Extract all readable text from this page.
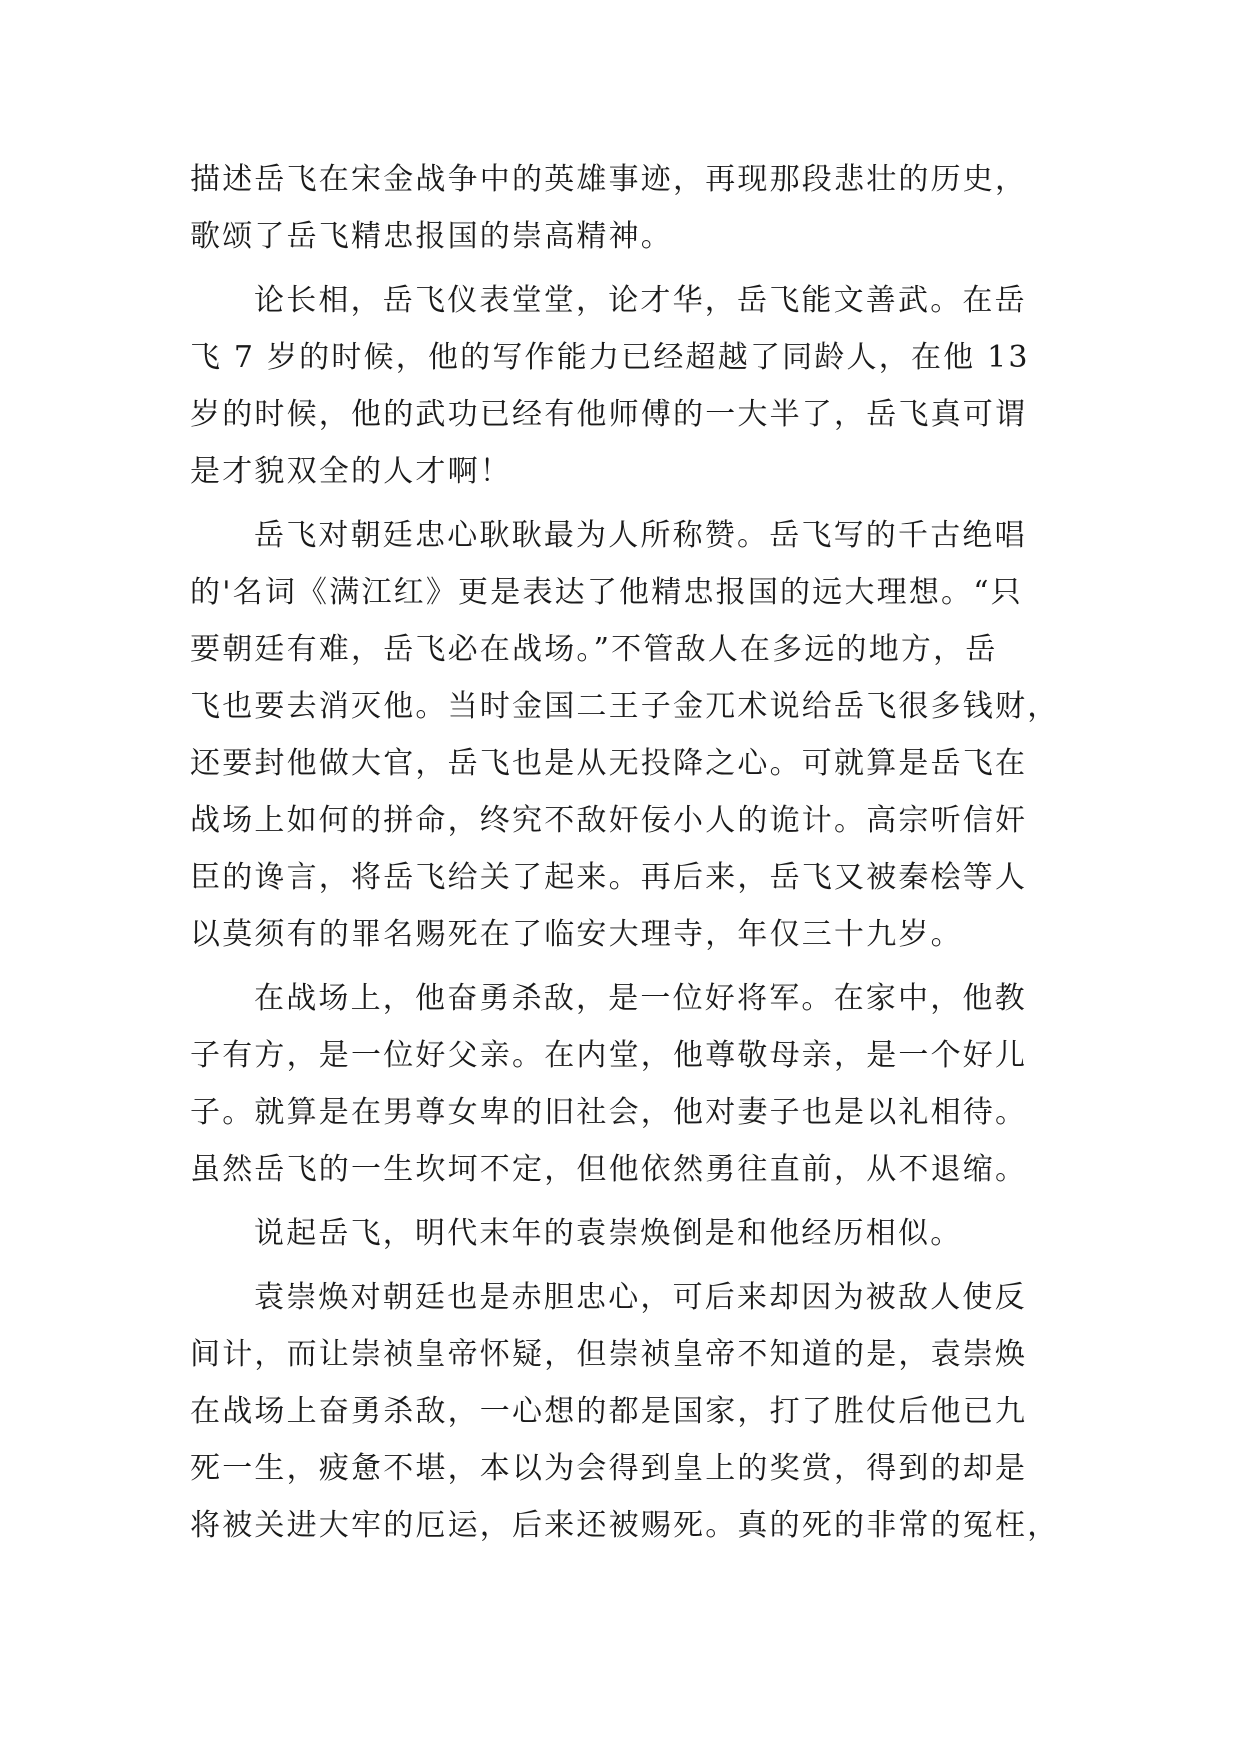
描述岳飞在宋金战争中的英雄事迹，再现那段悲壮的历史，

歌颂了岳飞精忠报国的崇高精神。

论长相，岳飞仪表堂堂，论才华，岳飞能文善武。在岳

飞 7 岁的时候，他的写作能力已经超越了同龄人，在他 13

岁的时候，他的武功已经有他师傅的一大半了，岳飞真可谓

是才貌双全的人才啊！

岳飞对朝廷忠心耿耿最为人所称赞。岳飞写的千古绝唱

的'名词《满江红》更是表达了他精忠报国的远大理想。“只

要朝廷有难，岳飞必在战场。”不管敌人在多远的地方，岳

飞也要去消灭他。当时金国二王子金兀术说给岳飞很多钱财，

还要封他做大官，岳飞也是从无投降之心。可就算是岳飞在

战场上如何的拼命，终究不敌奸佞小人的诡计。高宗听信奸

臣的谗言，将岳飞给关了起来。再后来，岳飞又被秦桧等人

以莫须有的罪名赐死在了临安大理寺，年仅三十九岁。

在战场上，他奋勇杀敌，是一位好将军。在家中，他教

子有方，是一位好父亲。在内堂，他尊敬母亲，是一个好儿

子。就算是在男尊女卑的旧社会，他对妻子也是以礼相待。

虽然岳飞的一生坎坷不定，但他依然勇往直前，从不退缩。

说起岳飞，明代末年的袁崇焕倒是和他经历相似。

袁崇焕对朝廷也是赤胆忠心，可后来却因为被敌人使反

间计，而让崇祯皇帝怀疑，但崇祯皇帝不知道的是，袁崇焕

在战场上奋勇杀敌，一心想的都是国家，打了胜仗后他已九

死一生，疲惫不堪，本以为会得到皇上的奖赏，得到的却是

将被关进大牢的厄运，后来还被赐死。真的死的非常的冤枉，
